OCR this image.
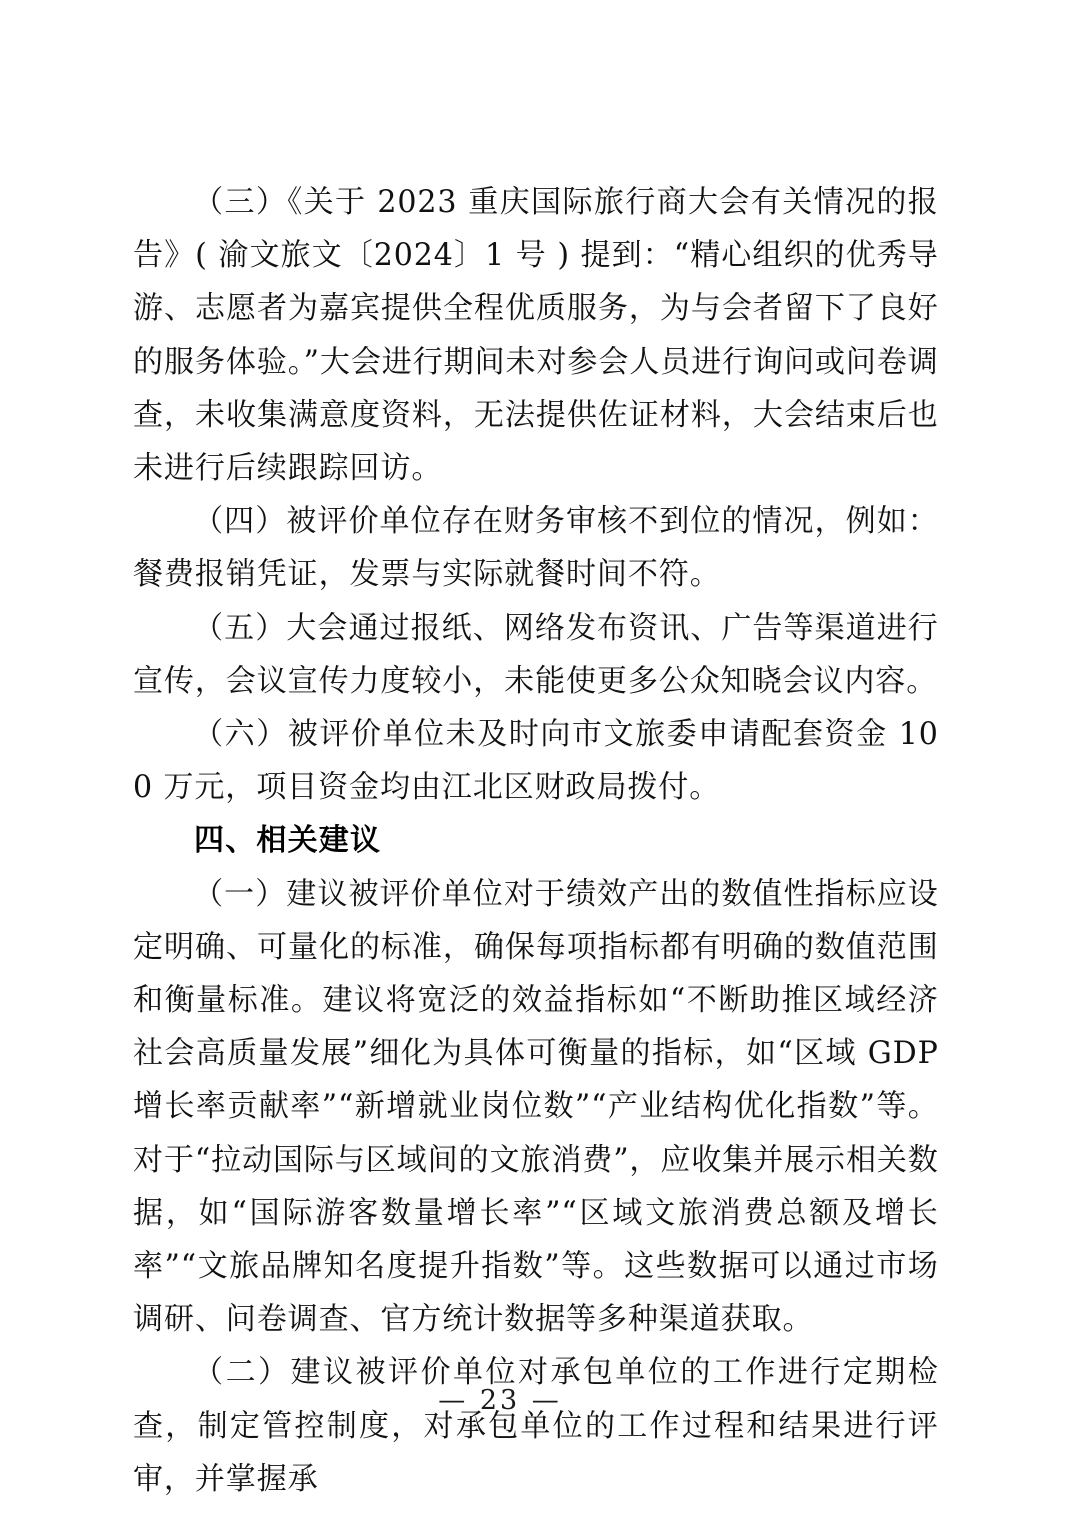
（三）《关于 2023 重庆国际旅行商大会有关情况的报告》( 渝文旅文〔2024〕1 号 ) 提到：“精心组织的优秀导游、志愿者为嘉宾提供全程优质服务，为与会者留下了良好的服务体验。”大会进行期间未对参会人员进行询问或问卷调查，未收集满意度资料，无法提供佐证材料，大会结束后也未进行后续跟踪回访。

（四）被评价单位存在财务审核不到位的情况，例如：餐费报销凭证，发票与实际就餐时间不符。

（五）大会通过报纸、网络发布资讯、广告等渠道进行宣传，会议宣传力度较小，未能使更多公众知晓会议内容。

（六）被评价单位未及时向市文旅委申请配套资金 100 万元，项目资金均由江北区财政局拨付。

四、相关建议

（一）建议被评价单位对于绩效产出的数值性指标应设定明确、可量化的标准，确保每项指标都有明确的数值范围和衡量标准。建议将宽泛的效益指标如“不断助推区域经济社会高质量发展”细化为具体可衡量的指标，如“区域 GDP 增长率贡献率”“新增就业岗位数”“产业结构优化指数”等。对于“拉动国际与区域间的文旅消费”，应收集并展示相关数据，如“国际游客数量增长率”“区域文旅消费总额及增长率”“文旅品牌知名度提升指数”等。这些数据可以通过市场调研、问卷调查、官方统计数据等多种渠道获取。

（二）建议被评价单位对承包单位的工作进行定期检查，制定管控制度，对承包单位的工作过程和结果进行评审，并掌握承

— 23 —
